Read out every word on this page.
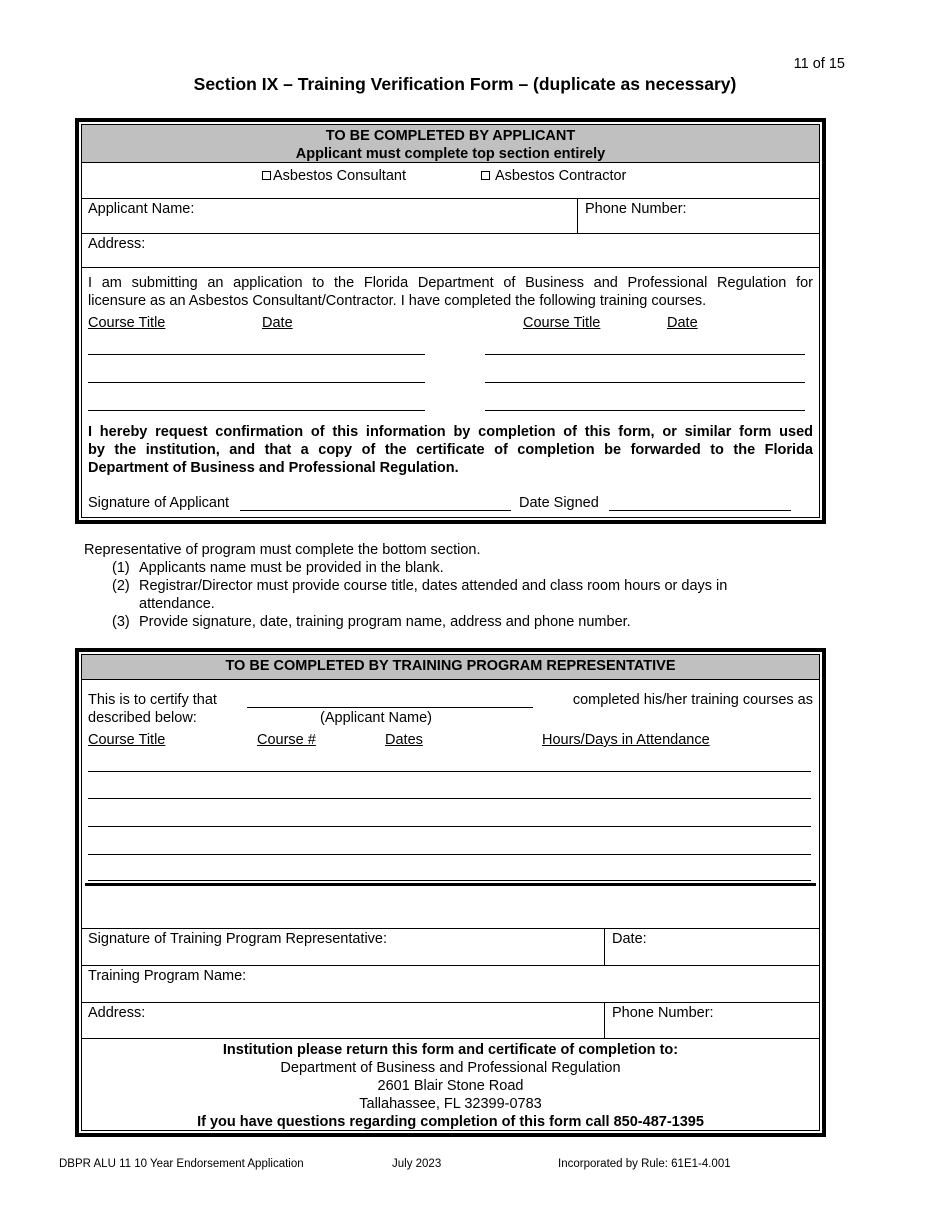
11 of 15
Section IX – Training Verification Form – (duplicate as necessary)
TO BE COMPLETED BY APPLICANT
Applicant must complete top section entirely
Asbestos Consultant	Asbestos Contractor
Applicant Name:	Phone Number:
Address:
I am submitting an application to the Florida Department of Business and Professional Regulation for
licensure as an Asbestos Consultant/Contractor. I have completed the following training courses.
Course Title	Date	Course Title	Date
I hereby request confirmation of this information by completion of this form, or similar form used
by the institution, and that a copy of the certificate of completion be forwarded to the Florida
Department of Business and Professional Regulation.
Signature of Applicant	Date Signed
Representative of program must complete the bottom section.
(1) Applicants name must be provided in the blank.
(2) Registrar/Director must provide course title, dates attended and class room hours or days in attendance.
(3) Provide signature, date, training program name, address and phone number.
TO BE COMPLETED BY TRAINING PROGRAM REPRESENTATIVE
This is to certify that	completed his/her training courses as
described below:	(Applicant Name)
Course Title	Course #	Dates	Hours/Days in Attendance
Signature of Training Program Representative:	Date:
Training Program Name:
Address:	Phone Number:
Institution please return this form and certificate of completion to:
Department of Business and Professional Regulation
2601 Blair Stone Road
Tallahassee, FL 32399-0783
If you have questions regarding completion of this form call 850-487-1395
DBPR ALU 11 10 Year Endorsement Application	July 2023	Incorporated by Rule: 61E1-4.001
